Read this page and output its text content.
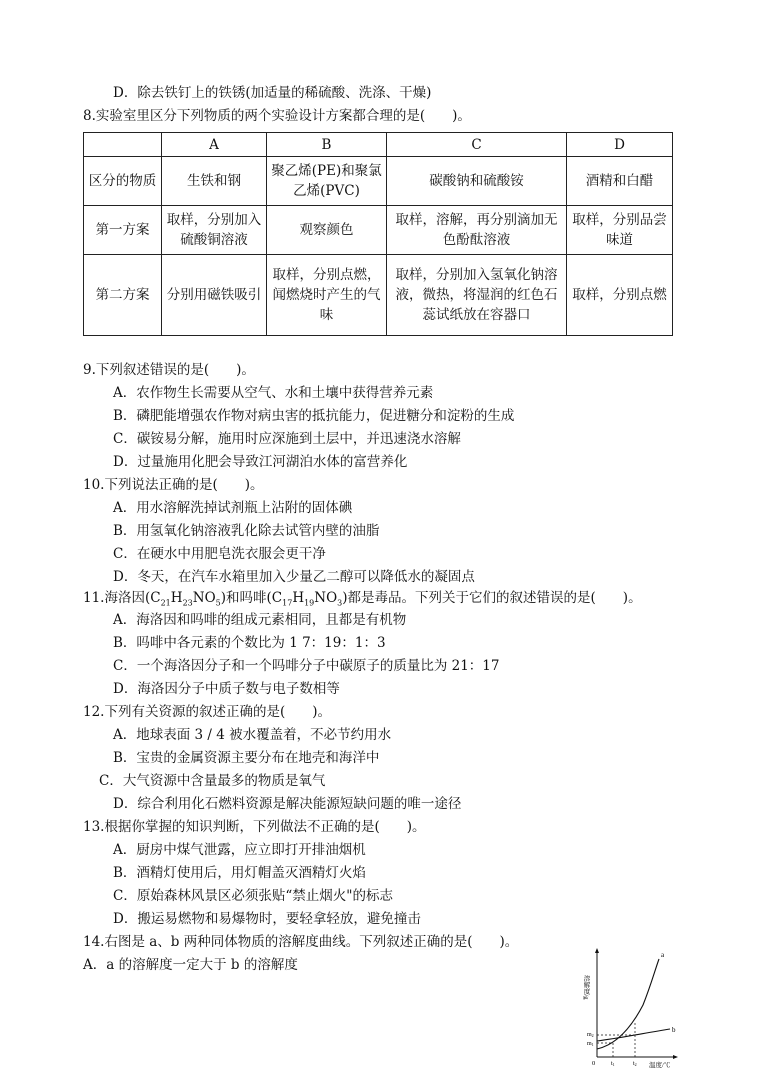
D．除去铁钉上的铁锈(加适量的稀硫酸、洗涤、干燥)
8.实验室里区分下列物质的两个实验设计方案都合理的是(　　)。
	A	B	C	D
区分的物质	生铁和钢	聚乙烯(PE)和聚氯乙烯(PVC)	碳酸钠和硫酸铵	酒精和白醋
第一方案	取样，分别加入硫酸铜溶液	观察颜色	取样，溶解，再分别滴加无色酚酞溶液	取样，分别品尝味道
第二方案	分别用磁铁吸引	取样，分别点燃，闻燃烧时产生的气味	取样，分别加入氢氧化钠溶液，微热，将湿润的红色石蕊试纸放在容器口	取样，分别点燃
9.下列叙述错误的是(　　)。
A．农作物生长需要从空气、水和土壤中获得营养元素
B．磷肥能增强农作物对病虫害的抵抗能力，促进糖分和淀粉的生成
C．碳铵易分解，施用时应深施到土层中，并迅速浇水溶解
D．过量施用化肥会导致江河湖泊水体的富营养化
10.下列说法正确的是(　　)。
A．用水溶解洗掉试剂瓶上沾附的固体碘
B．用氢氧化钠溶液乳化除去试管内壁的油脂
C．在硬水中用肥皂洗衣服会更干净
D．冬天，在汽车水箱里加入少量乙二醇可以降低水的凝固点
11.海洛因$(C_{21}H_{23}NO_5)$和吗啡$(C_{17}H_{19}NO_3)$都是毒品。下列关于它们的叙述错误的是(　　)。
A．海洛因和吗啡的组成元素相同，且都是有机物
B．吗啡中各元素的个数比为 1 7：19：1：3
C．一个海洛因分子和一个吗啡分子中碳原子的质量比为 21：17
D．海洛因分子中质子数与电子数相等
12.下列有关资源的叙述正确的是(　　)。
A．地球表面 3 / 4 被水覆盖着，不必节约用水
B．宝贵的金属资源主要分布在地壳和海洋中
C．大气资源中含量最多的物质是氧气
D．综合利用化石燃料资源是解决能源短缺问题的唯一途径
13.根据你掌握的知识判断，下列做法不正确的是(　　)。
A．厨房中煤气泄露，应立即打开排油烟机
B．酒精灯使用后，用灯帽盖灭酒精灯火焰
C．原始森林风景区必须张贴“禁止烟火"的标志
D．搬运易燃物和易爆物时，要轻拿轻放，避免撞击
14.右图是 a、b 两种同体物质的溶解度曲线。下列叙述正确的是(　　)。
A．a 的溶解度一定大于 b 的溶解度
溶解度/g
温度/℃
0
a
b
m1
m2
t1	t2
